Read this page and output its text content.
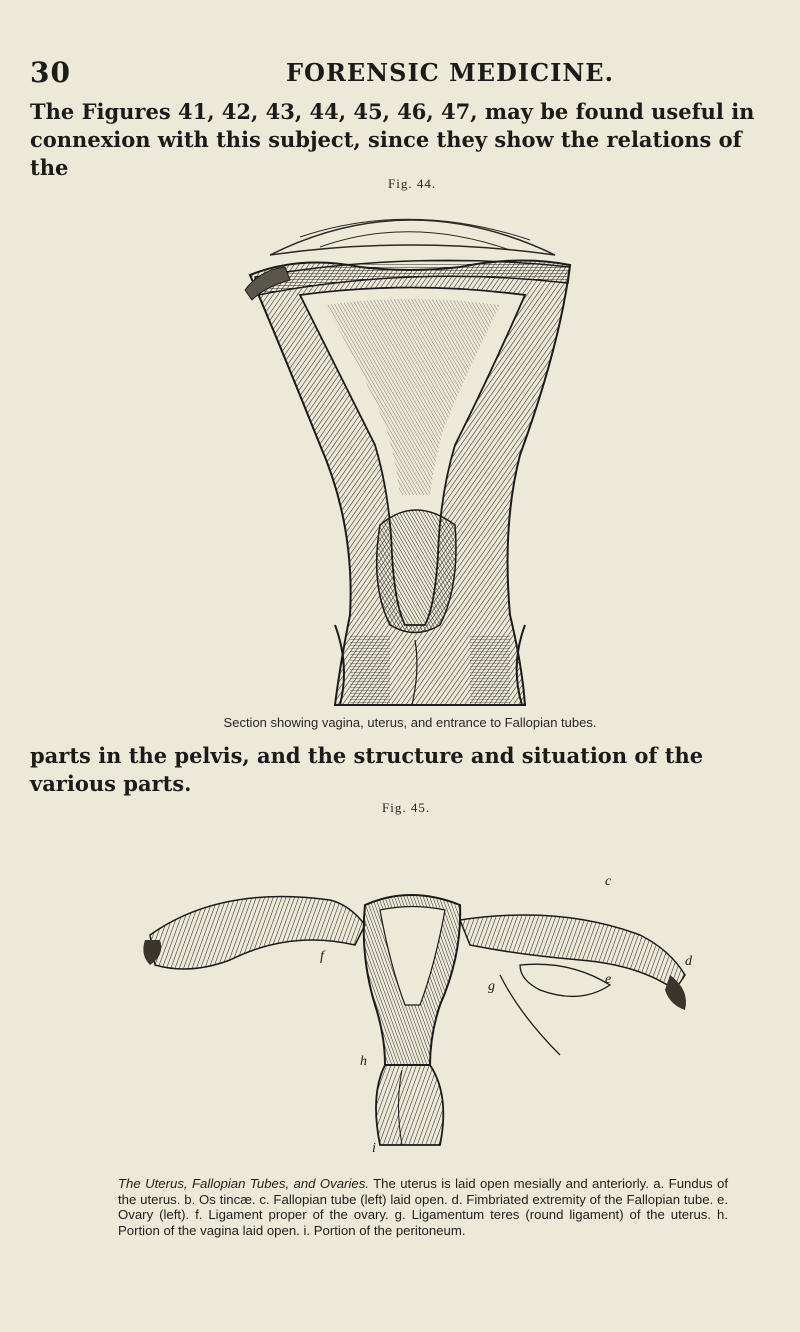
30	FORENSIC MEDICINE.
The Figures 41, 42, 43, 44, 45, 46, 47, may be found useful in connexion with this subject, since they show the relations of the
Fig. 44.
Section showing vagina, uterus, and entrance to Fallopian tubes.
parts in the pelvis, and the structure and situation of the various parts.
Fig. 45.
c
d
e
f
g
h
i
The Uterus, Fallopian Tubes, and Ovaries. The uterus is laid open mesially and anteriorly. a. Fundus of the uterus. b. Os tincæ. c. Fallopian tube (left) laid open. d. Fimbriated extremity of the Fallopian tube. e. Ovary (left). f. Ligament proper of the ovary. g. Ligamentum teres (round ligament) of the uterus. h. Portion of the vagina laid open. i. Portion of the peritoneum.
